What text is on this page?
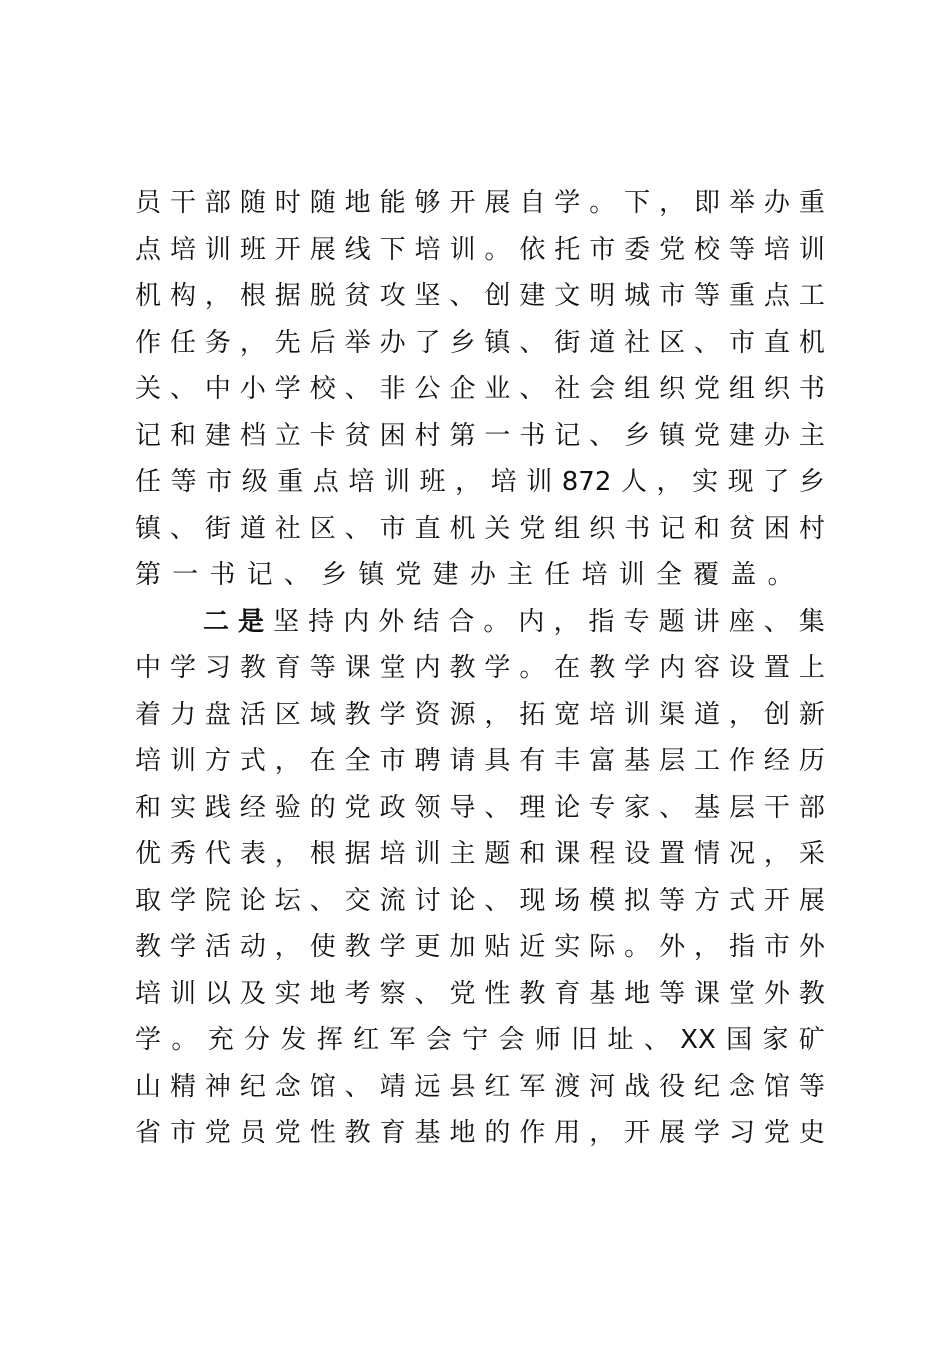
员 干 部 随 时 随 地 能 够 开 展 自 学 。 下 ， 即 举 办 重
点 培 训 班 开 展 线 下 培 训 。 依 托 市 委 党 校 等 培 训
机 构 ， 根 据 脱 贫 攻 坚 、 创 建 文 明 城 市 等 重 点 工
作 任 务 ， 先 后 举 办 了 乡 镇 、 街 道 社 区 、 市 直 机
关 、 中 小 学 校 、 非 公 企 业 、 社 会 组 织 党 组 织 书
记 和 建 档 立 卡 贫 困 村 第 一 书 记 、 乡 镇 党 建 办 主
任 等 市 级 重 点 培 训 班 ， 培 训 872 人 ， 实 现 了 乡
镇 、 街 道 社 区 、 市 直 机 关 党 组 织 书 记 和 贫 困 村
第 一 书 记 、 乡 镇 党 建 办 主 任 培 训 全 覆 盖 。
二 是 坚 持 内 外 结 合 。 内 ， 指 专 题 讲 座 、 集
中 学 习 教 育 等 课 堂 内 教 学 。 在 教 学 内 容 设 置 上
着 力 盘 活 区 域 教 学 资 源 ， 拓 宽 培 训 渠 道 ， 创 新
培 训 方 式 ， 在 全 市 聘 请 具 有 丰 富 基 层 工 作 经 历
和 实 践 经 验 的 党 政 领 导 、 理 论 专 家 、 基 层 干 部
优 秀 代 表 ， 根 据 培 训 主 题 和 课 程 设 置 情 况 ， 采
取 学 院 论 坛 、 交 流 讨 论 、 现 场 模 拟 等 方 式 开 展
教 学 活 动 ， 使 教 学 更 加 贴 近 实 际 。 外 ， 指 市 外
培 训 以 及 实 地 考 察 、 党 性 教 育 基 地 等 课 堂 外 教
学 。 充 分 发 挥 红 军 会 宁 会 师 旧 址 、 XX 国 家 矿
山 精 神 纪 念 馆 、 靖 远 县 红 军 渡 河 战 役 纪 念 馆 等
省 市 党 员 党 性 教 育 基 地 的 作 用 ， 开 展 学 习 党 史
